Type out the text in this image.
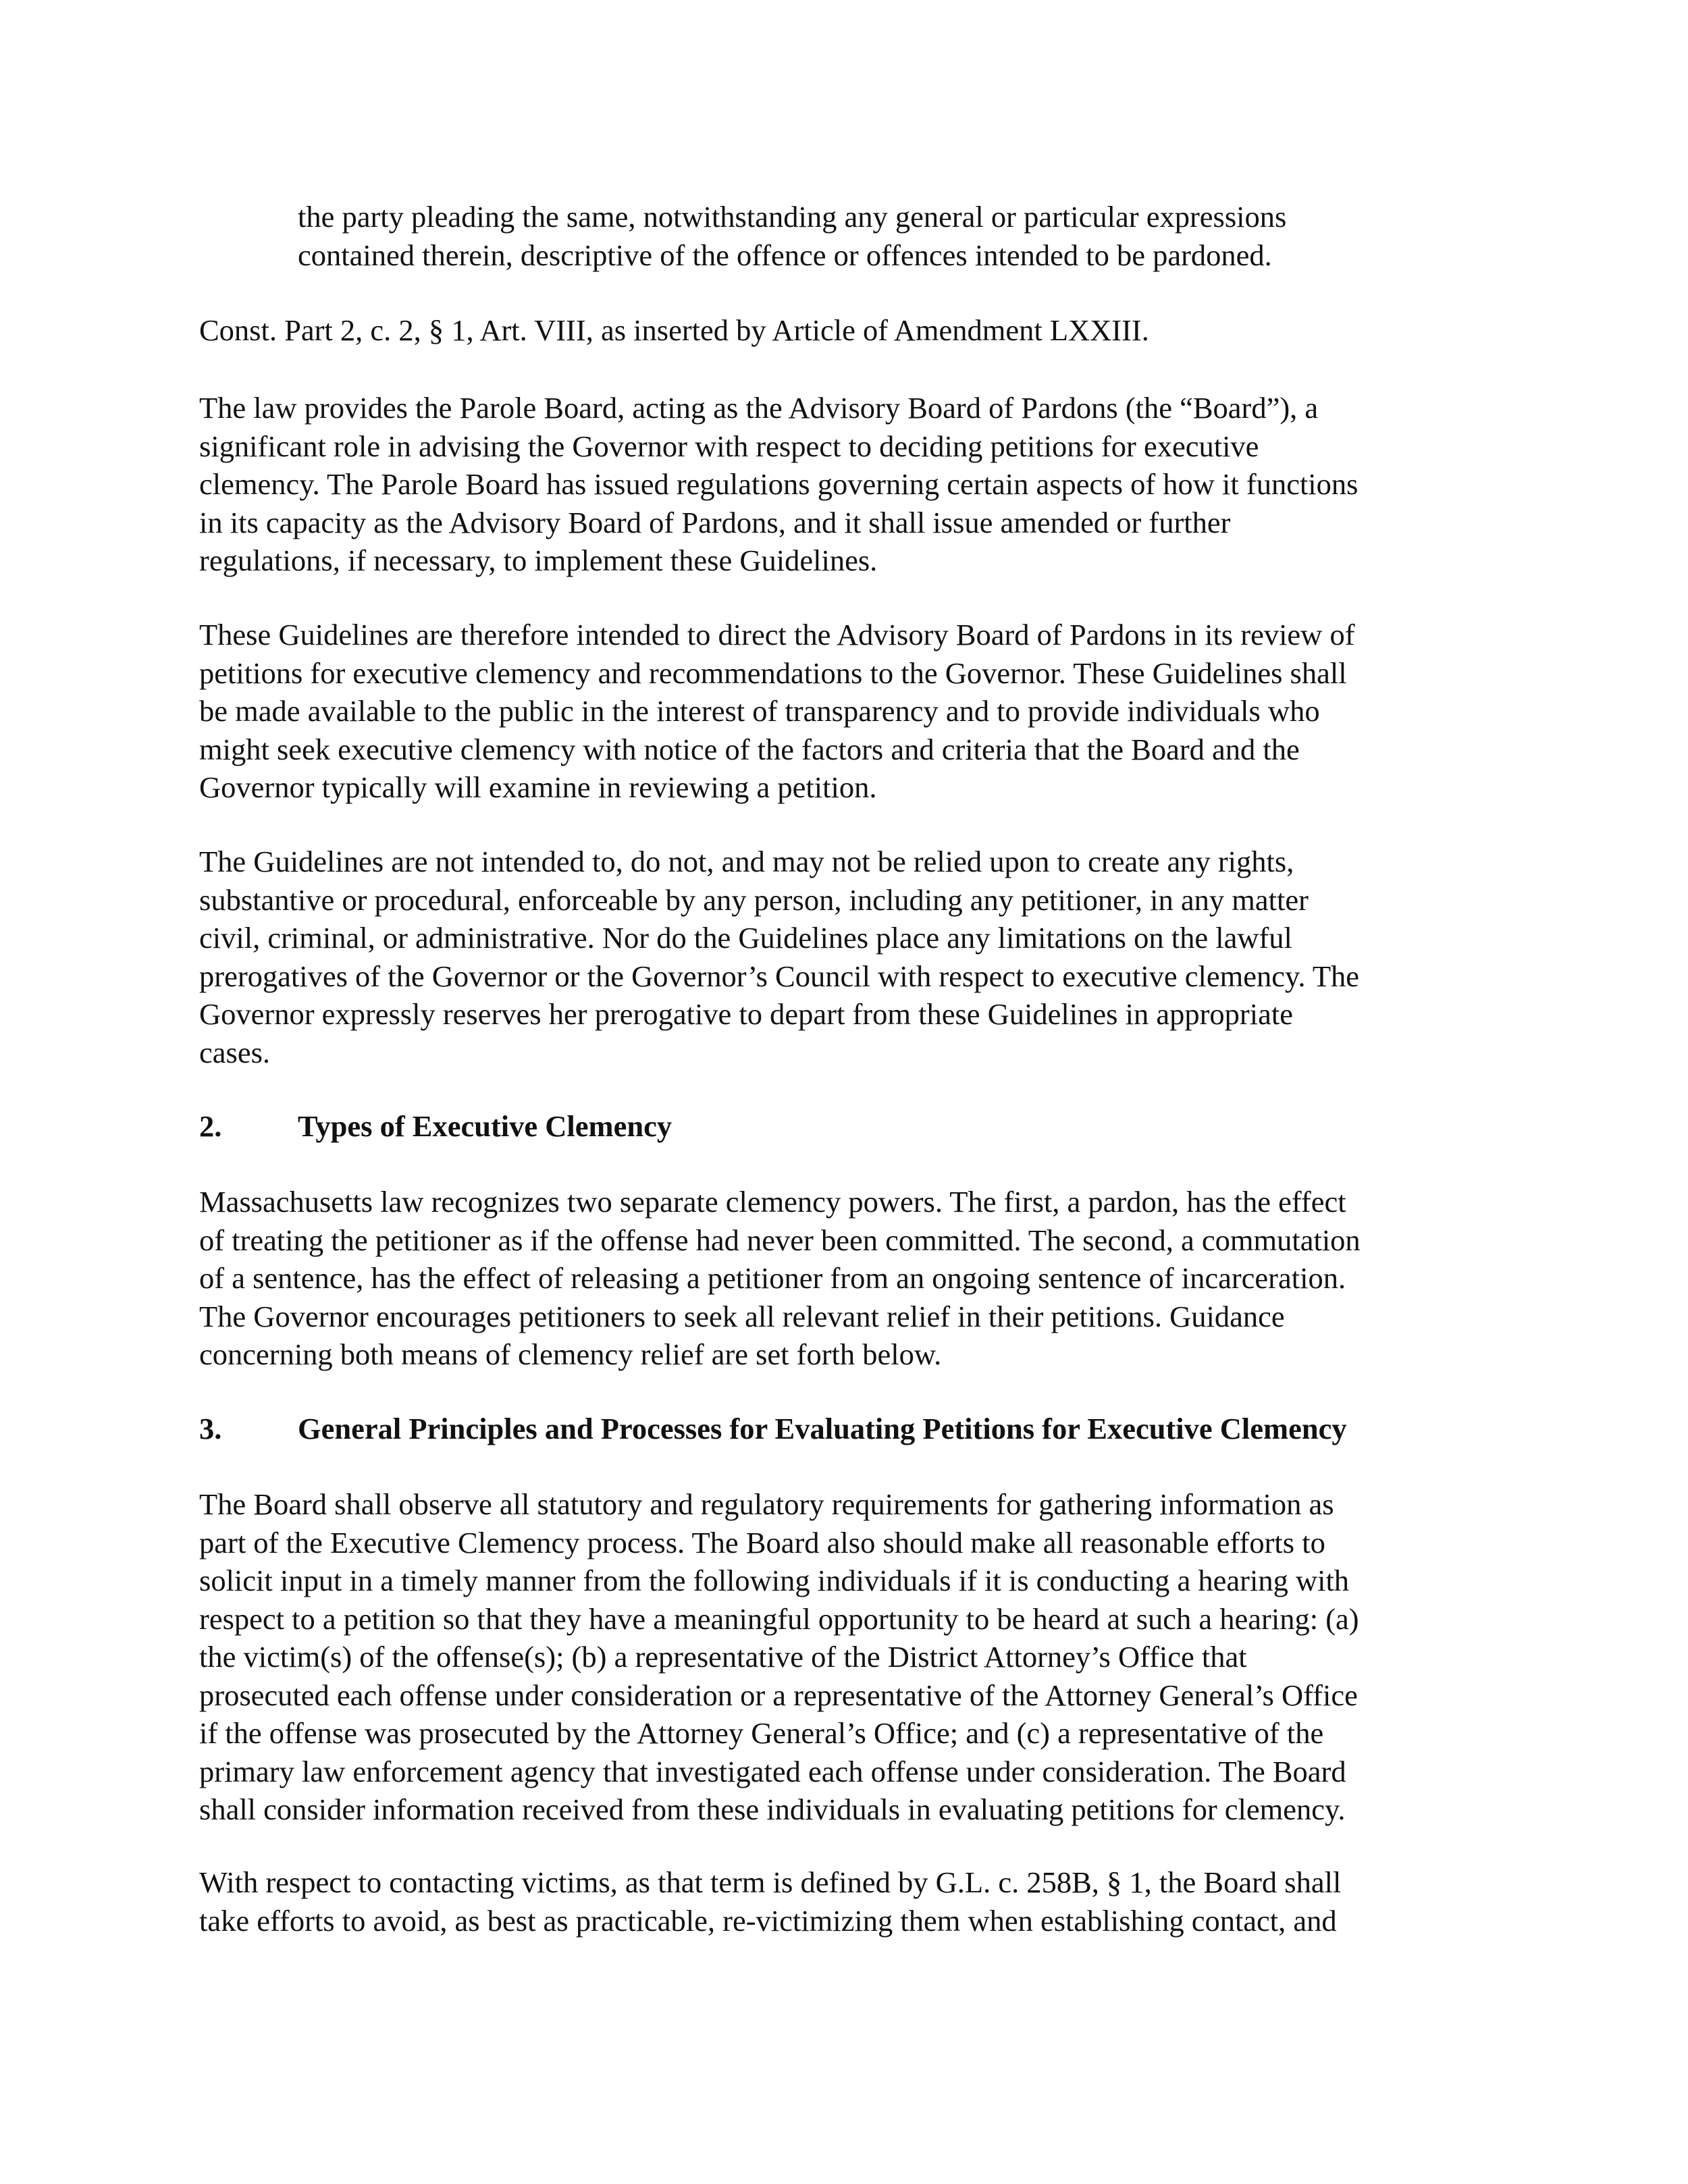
the party pleading the same, notwithstanding any general or particular expressions
contained therein, descriptive of the offence or offences intended to be pardoned.
Const. Part 2, c. 2, § 1, Art. VIII, as inserted by Article of Amendment LXXIII.
The law provides the Parole Board, acting as the Advisory Board of Pardons (the “Board”), a
significant role in advising the Governor with respect to deciding petitions for executive
clemency. The Parole Board has issued regulations governing certain aspects of how it functions
in its capacity as the Advisory Board of Pardons, and it shall issue amended or further
regulations, if necessary, to implement these Guidelines.
These Guidelines are therefore intended to direct the Advisory Board of Pardons in its review of
petitions for executive clemency and recommendations to the Governor. These Guidelines shall
be made available to the public in the interest of transparency and to provide individuals who
might seek executive clemency with notice of the factors and criteria that the Board and the
Governor typically will examine in reviewing a petition.
The Guidelines are not intended to, do not, and may not be relied upon to create any rights,
substantive or procedural, enforceable by any person, including any petitioner, in any matter
civil, criminal, or administrative. Nor do the Guidelines place any limitations on the lawful
prerogatives of the Governor or the Governor’s Council with respect to executive clemency. The
Governor expressly reserves her prerogative to depart from these Guidelines in appropriate
cases.
2.	Types of Executive Clemency
Massachusetts law recognizes two separate clemency powers. The first, a pardon, has the effect
of treating the petitioner as if the offense had never been committed. The second, a commutation
of a sentence, has the effect of releasing a petitioner from an ongoing sentence of incarceration.
The Governor encourages petitioners to seek all relevant relief in their petitions. Guidance
concerning both means of clemency relief are set forth below.
3.	General Principles and Processes for Evaluating Petitions for Executive Clemency
The Board shall observe all statutory and regulatory requirements for gathering information as
part of the Executive Clemency process. The Board also should make all reasonable efforts to
solicit input in a timely manner from the following individuals if it is conducting a hearing with
respect to a petition so that they have a meaningful opportunity to be heard at such a hearing: (a)
the victim(s) of the offense(s); (b) a representative of the District Attorney’s Office that
prosecuted each offense under consideration or a representative of the Attorney General’s Office
if the offense was prosecuted by the Attorney General’s Office; and (c) a representative of the
primary law enforcement agency that investigated each offense under consideration. The Board
shall consider information received from these individuals in evaluating petitions for clemency.
With respect to contacting victims, as that term is defined by G.L. c. 258B, § 1, the Board shall
take efforts to avoid, as best as practicable, re-victimizing them when establishing contact, and
